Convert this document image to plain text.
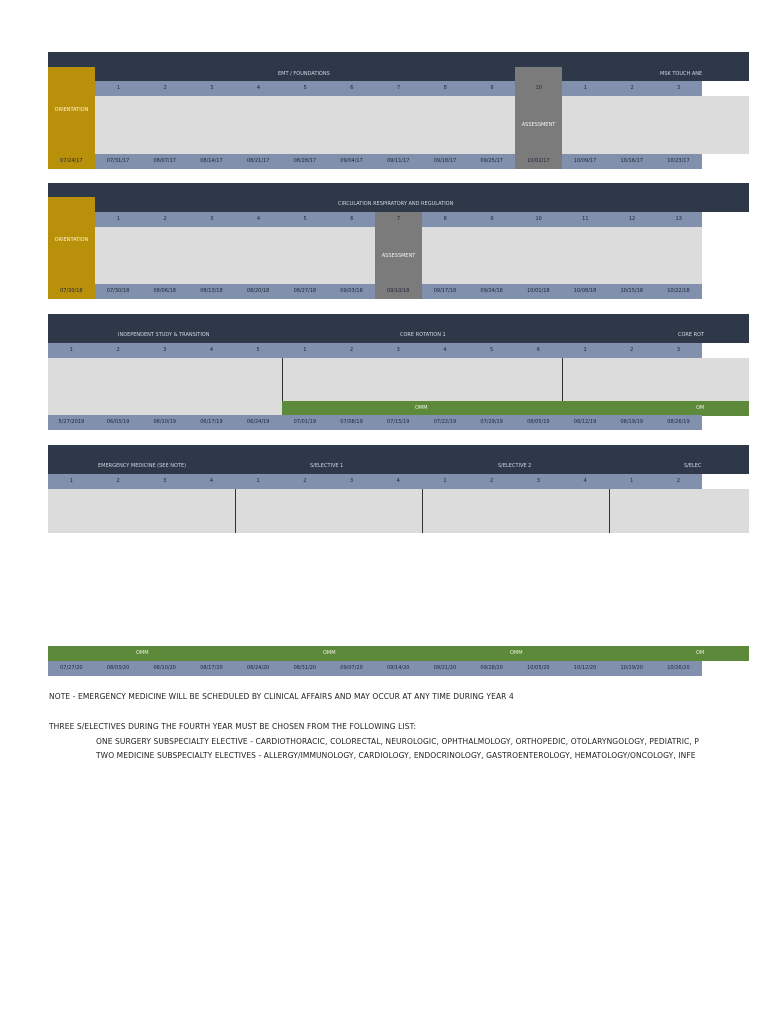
EMT / FOUNDATIONS	MSK TOUCH ANE
ORIENTATION
ASSESSMENT
1	2	3	4	5	6	7	8	9	10	1	2	3
07/24/17	07/31/17	08/07/17	08/14/17	08/21/17	08/28/17	09/04/17	09/11/17	09/18/17	09/25/17	10/02/17	10/09/17	10/16/17	10/23/17
CIRCULATION RESPIRATORY AND REGULATION
ORIENTATION
ASSESSMENT
1	2	3	4	5	6	7	8	9	10	11	12	13
07/30/18	07/30/18	08/06/18	08/13/18	08/20/18	08/27/18	09/03/18	09/10/18	09/17/18	09/24/18	10/01/18	10/08/18	10/15/18	10/22/18
INDEPENDENT STUDY & TRANSITION	CORE ROTATION 1	CORE ROT
OMM	OM
1	2	3	4	5	1	2	3	4	5	6	1	2	3
5/27/2019	06/03/19	06/10/19	06/17/19	06/24/19	07/01/19	07/08/19	07/15/19	07/22/19	07/29/19	08/05/19	08/12/19	08/19/19	08/26/19
EMERGENCY MEDICINE (SEE NOTE)	S/ELECTIVE 1	S/ELECTIVE 2	S/ELEC
1	2	3	4	1	2	3	4	1	2	3	4	1	2
OMM	OMM	OMM	OM
07/27/20	08/03/20	08/10/20	08/17/20	08/24/20	08/31/20	09/07/20	09/14/20	09/21/20	09/28/20	10/05/20	10/12/20	10/19/20	10/26/20
NOTE - EMERGENCY MEDICINE WILL BE SCHEDULED BY CLINICAL AFFAIRS AND MAY OCCUR AT ANY TIME DURING YEAR 4
THREE S/ELECTIVES DURING THE FOURTH YEAR MUST BE CHOSEN FROM THE FOLLOWING LIST:
ONE SURGERY SUBSPECIALTY ELECTIVE - CARDIOTHORACIC, COLORECTAL, NEUROLOGIC, OPHTHALMOLOGY, ORTHOPEDIC, OTOLARYNGOLOGY, PEDIATRIC, P
TWO MEDICINE SUBSPECIALTY ELECTIVES - ALLERGY/IMMUNOLOGY, CARDIOLOGY, ENDOCRINOLOGY, GASTROENTEROLOGY, HEMATOLOGY/ONCOLOGY, INFE
